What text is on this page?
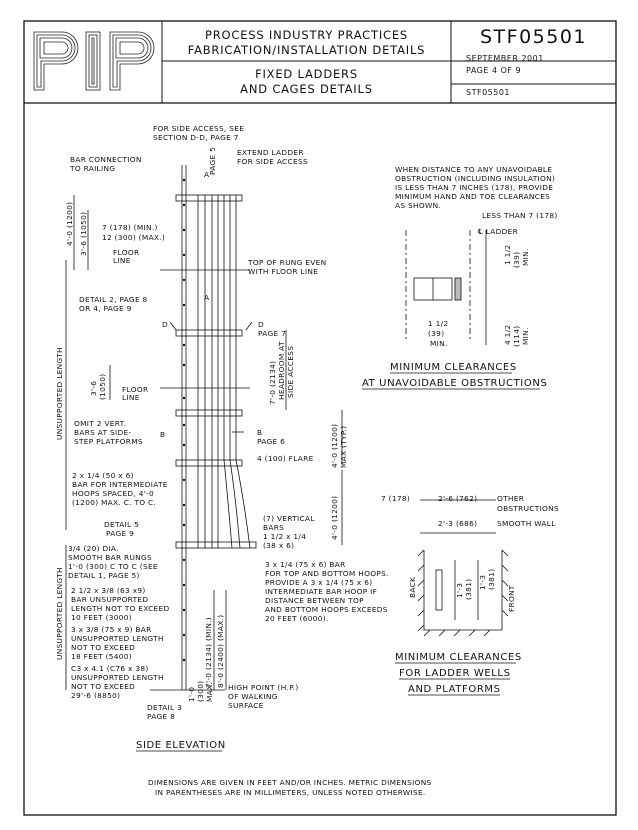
FOR SIDE ACCESS, SEE
SECTION D-D, PAGE 7
EXTEND LADDER
FOR SIDE ACCESS
BAR CONNECTION
TO RAILING	PAGE 5
A
A
4'-0 (1200) 3'-6 (1050) 7 (178) (MIN.)
12 (300) (MAX.)
FLOOR
LINE	TOP OF RUNG EVEN
WITH FLOOR LINE
DETAIL 2, PAGE 8
OR 4, PAGE 9
D	D
PAGE 7
7'-0 (2134) HEADROOM AT SIDE ACCESS
UNSUPPORTED LENGTH	3'-6 (1050) FLOOR
LINE
OMIT 2 VERT.
BARS AT SIDE-
STEP PLATFORMS
B	B
PAGE 6
4 (100) FLARE 4'-0 (1200) MAX (TYP.)
2 x 1/4 (50 x 6)
BAR FOR INTERMEDIATE
HOOPS SPACED, 4'-0
(1200) MAX. C. TO C.
DETAIL 5
PAGE 9
(7) VERTICAL
BARS
1 1/2 x 1/4
(38 x 6)
4'-0 (1200)
3/4 (20) DIA.
SMOOTH BAR RUNGS
1'-0 (300) C TO C (SEE
DETAIL 1, PAGE 5)
3 x 1/4 (75 x 6) BAR
FOR TOP AND BOTTOM HOOPS.
PROVIDE A 3 x 1/4 (75 x 6)
INTERMEDIATE BAR HOOP IF
DISTANCE BETWEEN TOP
AND BOTTOM HOOPS EXCEEDS
20 FEET (6000).
2 1/2 x 3/8 (63 x9)
BAR UNSUPPORTED
LENGTH NOT TO EXCEED
10 FEET (3000)
3 x 3/8 (75 x 9) BAR
UNSUPPORTED LENGTH
NOT TO EXCEED
18 FEET (5400)
C3 x 4.1 (C76 x 38)
UNSUPPORTED LENGTH
NOT TO EXCEED
29'-6 (8850)
UNSUPPORTED LENGTH	7'-0 (2134) (MIN.) 8'-0 (2400) (MAX.)
1'-0 (300) MAX. HIGH POINT (H.P.)
OF WALKING
SURFACE
DETAIL 3
PAGE 8
SIDE ELEVATION
WHEN DISTANCE TO ANY UNAVOIDABLE
OBSTRUCTION (INCLUDING INSULATION)
IS LESS THAN 7 INCHES (178), PROVIDE
MINIMUM HAND AND TOE CLEARANCES
AS SHOWN.
LESS THAN 7 (178)
℄ LADDER
1 1/2 (39) MIN.
1 1/2
(39)
MIN.	4 1/2 (114) MIN.
MINIMUM CLEARANCES
AT UNAVOIDABLE OBSTRUCTIONS
7 (178)	2'-6 (762)	OTHER
OBSTRUCTIONS
2'-3 (686)	SMOOTH WALL
BACK	FRONT
1'-3 (381) 1'-3 (381)
MINIMUM CLEARANCES
FOR LADDER WELLS
AND PLATFORMS
DIMENSIONS ARE GIVEN IN FEET AND/OR INCHES. METRIC DIMENSIONS
IN PARENTHESES ARE IN MILLIMETERS, UNLESS NOTED OTHERWISE.
PROCESS INDUSTRY PRACTICES
FABRICATION/INSTALLATION DETAILS
FIXED LADDERS
AND CAGES DETAILS
STF05501
SEPTEMBER 2001
PAGE 4 OF 9
STF05501
